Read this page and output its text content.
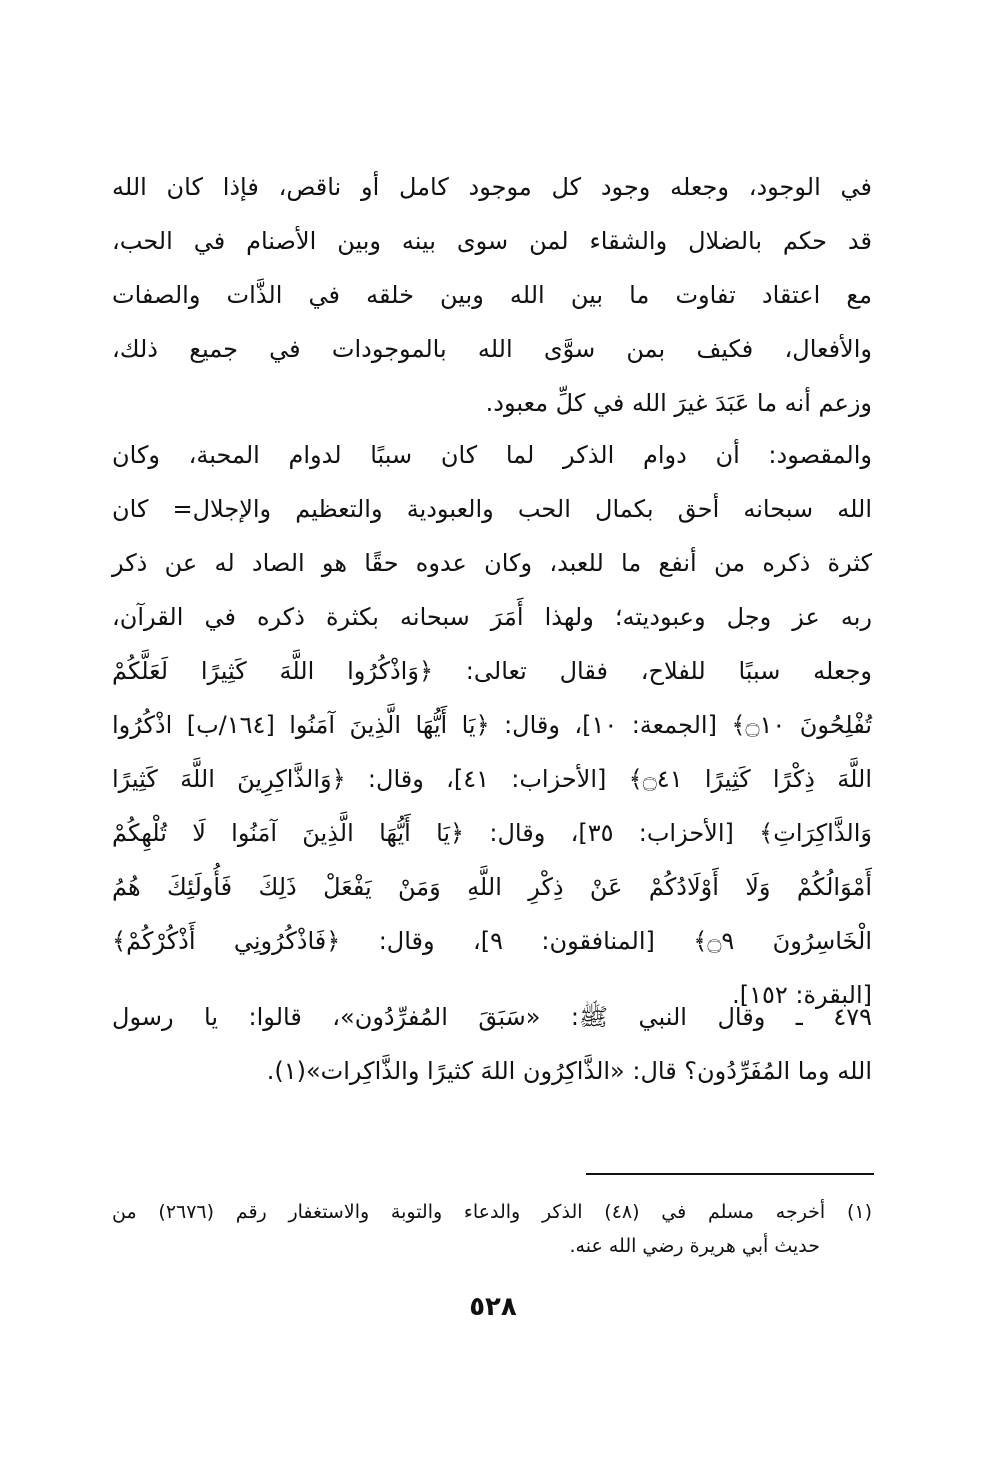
في الوجود، وجعله وجود كل موجود كامل أو ناقص، فإذا كان الله
قد حكم بالضلال والشقاء لمن سوى بينه وبين الأصنام في الحب،
مع اعتقاد تفاوت ما بين الله وبين خلقه في الذَّات والصفات
والأفعال، فكيف بمن سوَّى الله بالموجودات في جميع ذلك،
وزعم أنه ما عَبَدَ غيرَ الله في كلِّ معبود.
والمقصود: أن دوام الذكر لما كان سببًا لدوام المحبة، وكان
الله سبحانه أحق بكمال الحب والعبودية والتعظيم والإجلال= كان
كثرة ذكره من أنفع ما للعبد، وكان عدوه حقًا هو الصاد له عن ذكر
ربه عز وجل وعبوديته؛ ولهذا أَمَرَ سبحانه بكثرة ذكره في القرآن،
وجعله سببًا للفلاح، فقال تعالى: ﴿وَاذْكُرُوا اللَّهَ كَثِيرًا لَعَلَّكُمْ
تُفْلِحُونَ ۝١٠﴾ [الجمعة: ١٠]، وقال: ﴿يَا أَيُّهَا الَّذِينَ آمَنُوا [١٦٤/ب] اذْكُرُوا
اللَّهَ ذِكْرًا كَثِيرًا ۝٤١﴾ [الأحزاب: ٤١]، وقال: ﴿وَالذَّاكِرِينَ اللَّهَ كَثِيرًا
وَالذَّاكِرَاتِ﴾ [الأحزاب: ٣٥]، وقال: ﴿يَا أَيُّهَا الَّذِينَ آمَنُوا لَا تُلْهِكُمْ
أَمْوَالُكُمْ وَلَا أَوْلَادُكُمْ عَنْ ذِكْرِ اللَّهِ وَمَنْ يَفْعَلْ ذَلِكَ فَأُولَئِكَ هُمُ
الْخَاسِرُونَ ۝٩﴾ [المنافقون: ٩]، وقال: ﴿فَاذْكُرُونِي أَذْكُرْكُمْ﴾
[البقرة: ١٥٢].
٤٧٩ ـ وقال النبي ﷺ: «سَبَقَ المُفرِّدُون»، قالوا: يا رسول
الله وما المُفَرِّدُون؟ قال: «الذَّاكِرُون اللهَ كثيرًا والذَّاكِرات»(١).
(١) أخرجه مسلم في (٤٨) الذكر والدعاء والتوبة والاستغفار رقم (٢٦٧٦) من
حديث أبي هريرة رضي الله عنه.
٥٢٨
